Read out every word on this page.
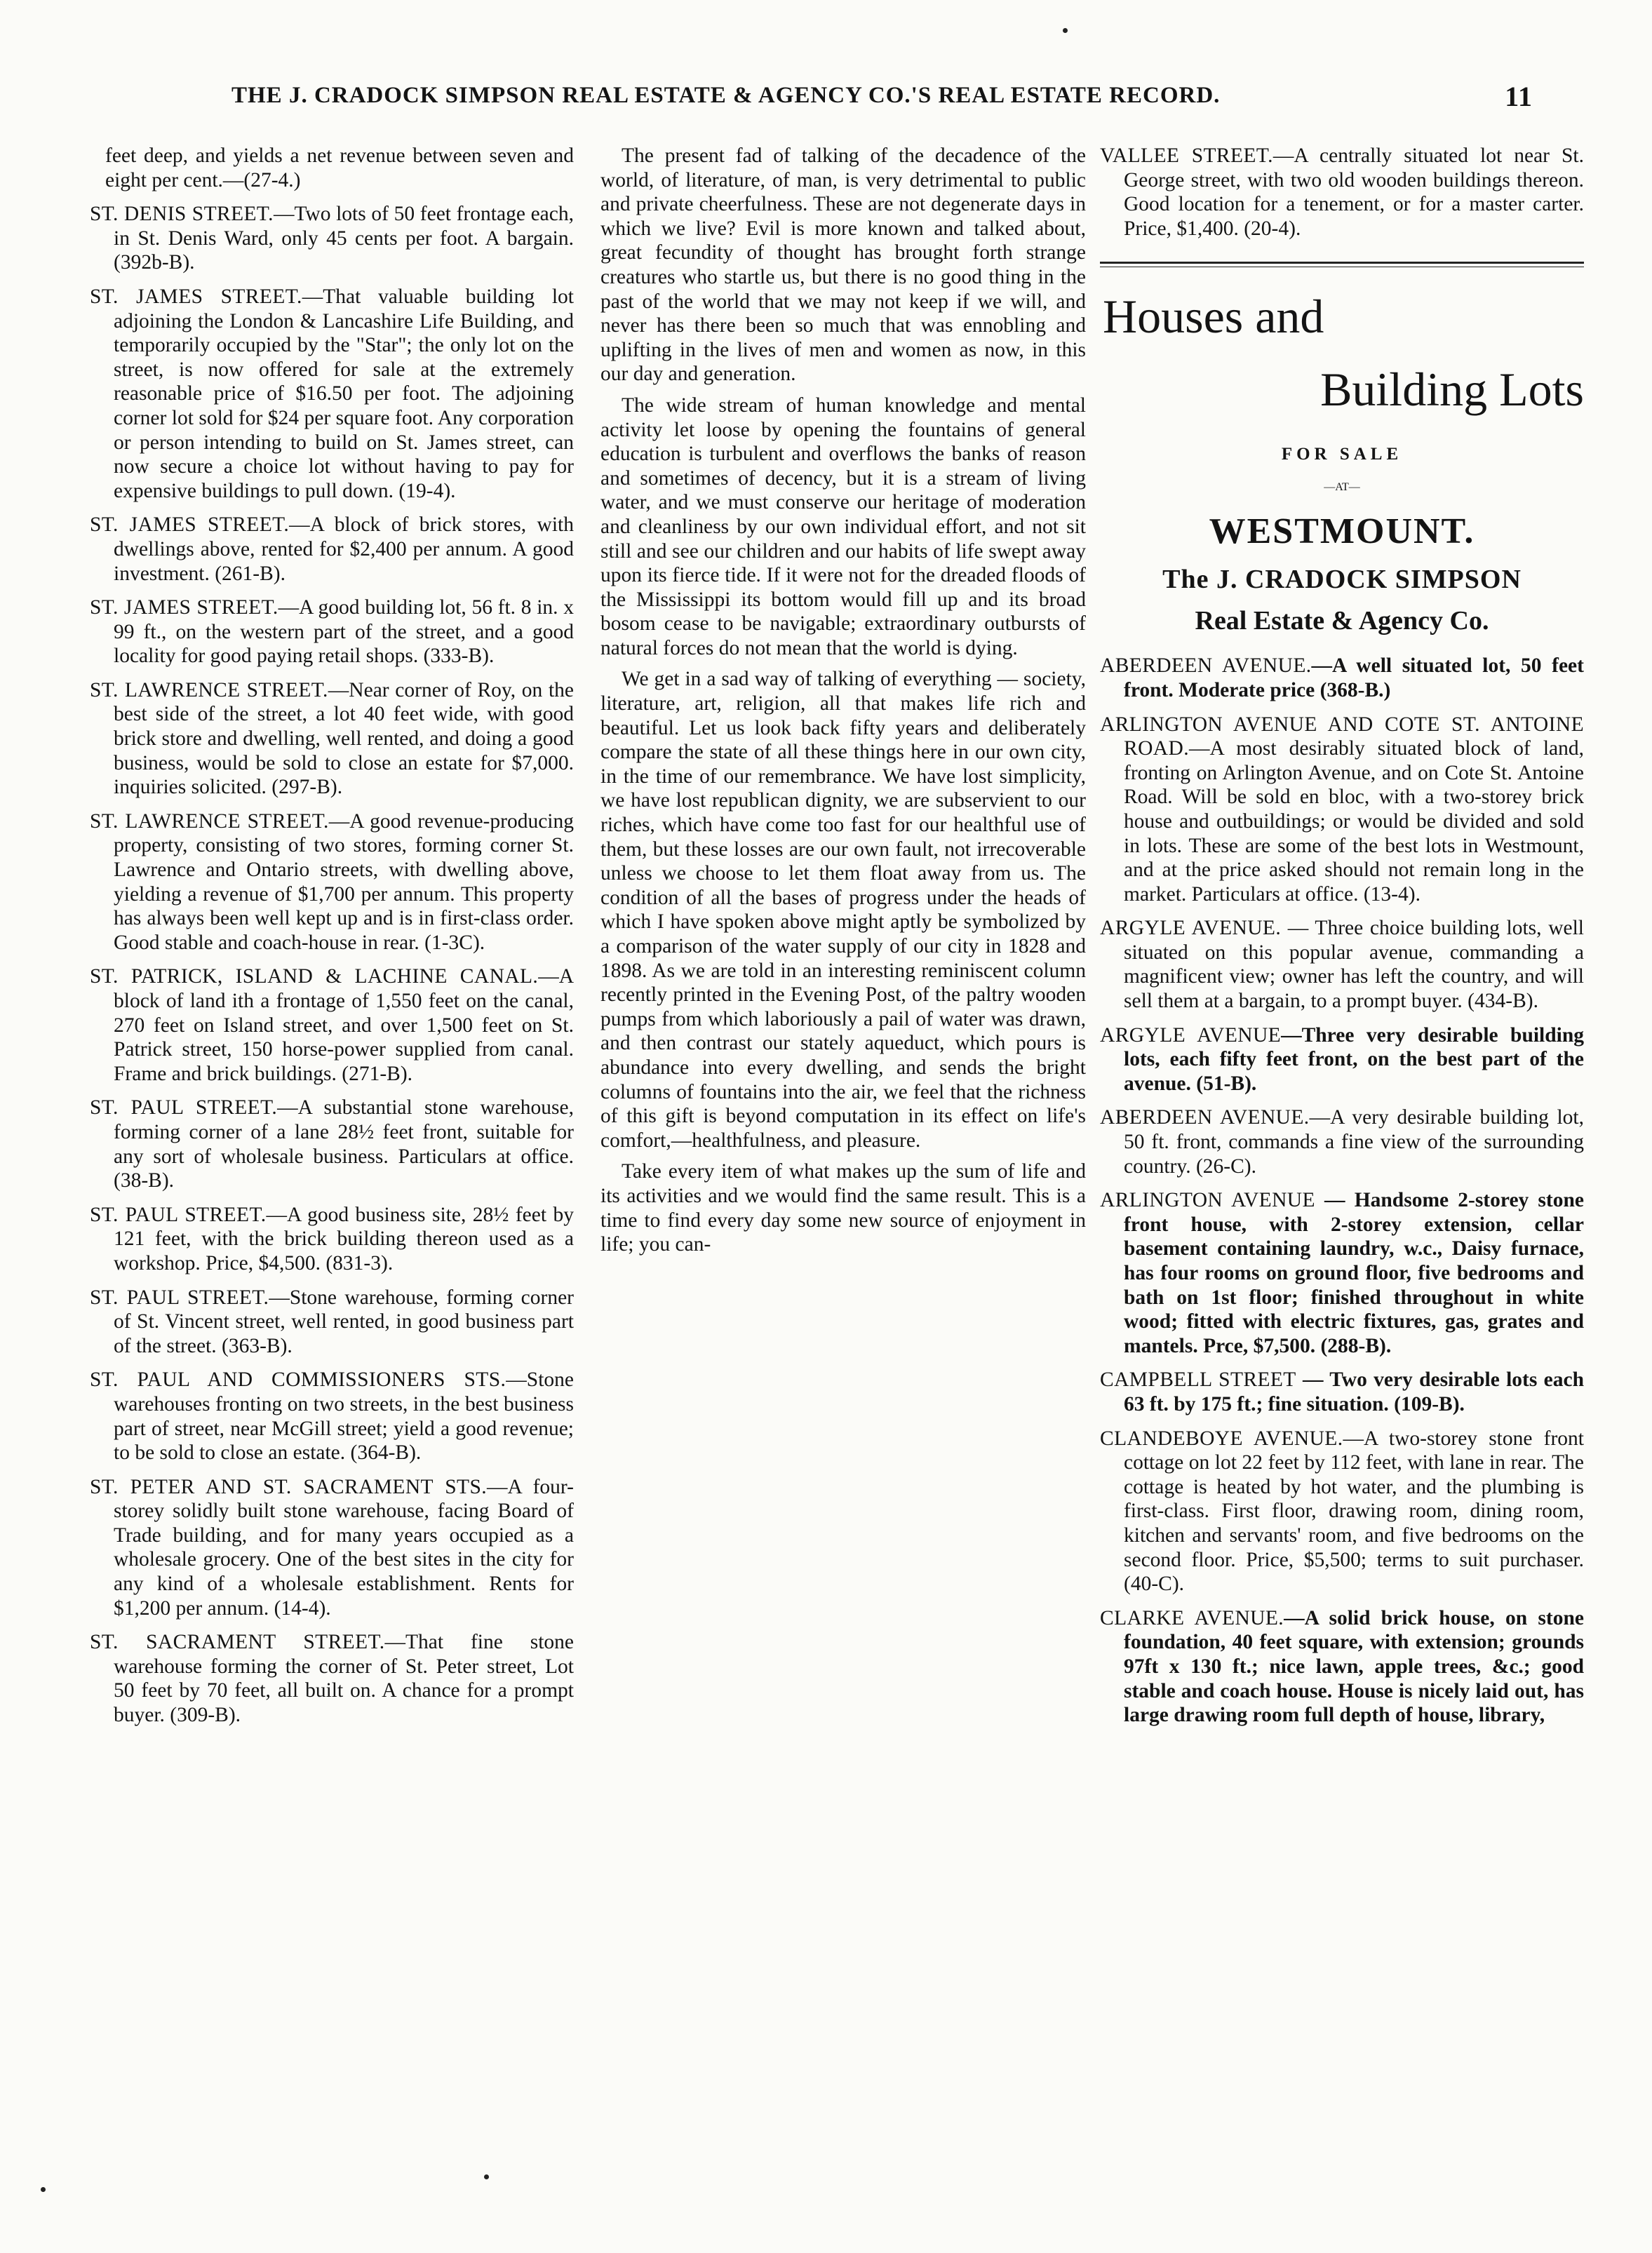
THE J. CRADOCK SIMPSON REAL ESTATE & AGENCY CO.'S REAL ESTATE RECORD.	11

feet deep, and yields a net revenue between seven and eight per cent.—(27-4.)

ST. DENIS STREET.—Two lots of 50 feet frontage each, in St. Denis Ward, only 45 cents per foot. A bargain. (392b-B).

ST. JAMES STREET.—That valuable building lot adjoining the London & Lancashire Life Building, and temporarily occupied by the "Star"; the only lot on the street, is now offered for sale at the extremely reasonable price of $16.50 per foot. The adjoining corner lot sold for $24 per square foot. Any corporation or person intending to build on St. James street, can now secure a choice lot without having to pay for expensive buildings to pull down. (19-4).

ST. JAMES STREET.—A block of brick stores, with dwellings above, rented for $2,400 per annum. A good investment. (261-B).

ST. JAMES STREET.—A good building lot, 56 ft. 8 in. x 99 ft., on the western part of the street, and a good locality for good paying retail shops. (333-B).

ST. LAWRENCE STREET.—Near corner of Roy, on the best side of the street, a lot 40 feet wide, with good brick store and dwelling, well rented, and doing a good business, would be sold to close an estate for $7,000. inquiries solicited. (297-B).

ST. LAWRENCE STREET.—A good revenue-producing property, consisting of two stores, forming corner St. Lawrence and Ontario streets, with dwelling above, yielding a revenue of $1,700 per annum. This property has always been well kept up and is in first-class order. Good stable and coach-house in rear. (1-3C).

ST. PATRICK, ISLAND & LACHINE CANAL.—A block of land ith a frontage of 1,550 feet on the canal, 270 feet on Island street, and over 1,500 feet on St. Patrick street, 150 horse-power supplied from canal. Frame and brick buildings. (271-B).

ST. PAUL STREET.—A substantial stone warehouse, forming corner of a lane 28½ feet front, suitable for any sort of wholesale business. Particulars at office. (38-B).

ST. PAUL STREET.—A good business site, 28½ feet by 121 feet, with the brick building thereon used as a workshop. Price, $4,500. (831-3).

ST. PAUL STREET.—Stone warehouse, forming corner of St. Vincent street, well rented, in good business part of the street. (363-B).

ST. PAUL AND COMMISSIONERS STS.—Stone warehouses fronting on two streets, in the best business part of street, near McGill street; yield a good revenue; to be sold to close an estate. (364-B).

ST. PETER AND ST. SACRAMENT STS.—A four-storey solidly built stone warehouse, facing Board of Trade building, and for many years occupied as a wholesale grocery. One of the best sites in the city for any kind of a wholesale establishment. Rents for $1,200 per annum. (14-4).

ST. SACRAMENT STREET.—That fine stone warehouse forming the corner of St. Peter street, Lot 50 feet by 70 feet, all built on. A chance for a prompt buyer. (309-B).

The present fad of talking of the decadence of the world, of literature, of man, is very detrimental to public and private cheerfulness. These are not degenerate days in which we live? Evil is more known and talked about, great fecundity of thought has brought forth strange creatures who startle us, but there is no good thing in the past of the world that we may not keep if we will, and never has there been so much that was ennobling and uplifting in the lives of men and women as now, in this our day and generation.

The wide stream of human knowledge and mental activity let loose by opening the fountains of general education is turbulent and overflows the banks of reason and sometimes of decency, but it is a stream of living water, and we must conserve our heritage of moderation and cleanliness by our own individual effort, and not sit still and see our children and our habits of life swept away upon its fierce tide. If it were not for the dreaded floods of the Mississippi its bottom would fill up and its broad bosom cease to be navigable; extraordinary outbursts of natural forces do not mean that the world is dying.

We get in a sad way of talking of everything — society, literature, art, religion, all that makes life rich and beautiful. Let us look back fifty years and deliberately compare the state of all these things here in our own city, in the time of our remembrance. We have lost simplicity, we have lost republican dignity, we are subservient to our riches, which have come too fast for our healthful use of them, but these losses are our own fault, not irrecoverable unless we choose to let them float away from us. The condition of all the bases of progress under the heads of which I have spoken above might aptly be symbolized by a comparison of the water supply of our city in 1828 and 1898. As we are told in an interesting reminiscent column recently printed in the Evening Post, of the paltry wooden pumps from which laboriously a pail of water was drawn, and then contrast our stately aqueduct, which pours is abundance into every dwelling, and sends the bright columns of fountains into the air, we feel that the richness of this gift is beyond computation in its effect on life's comfort,—healthfulness, and pleasure.

Take every item of what makes up the sum of life and its activities and we would find the same result. This is a time to find every day some new source of enjoyment in life; you can-

VALLEE STREET.—A centrally situated lot near St. George street, with two old wooden buildings thereon. Good location for a tenement, or for a master carter. Price, $1,400. (20-4).

Houses and
Building Lots
FOR SALE
—AT—
WESTMOUNT.
The J. CRADOCK SIMPSON
Real Estate & Agency Co.

ABERDEEN AVENUE.—A well situated lot, 50 feet front. Moderate price (368-B.)

ARLINGTON AVENUE AND COTE ST. ANTOINE ROAD.—A most desirably situated block of land, fronting on Arlington Avenue, and on Cote St. Antoine Road. Will be sold en bloc, with a two-storey brick house and outbuildings; or would be divided and sold in lots. These are some of the best lots in Westmount, and at the price asked should not remain long in the market. Particulars at office. (13-4).

ARGYLE AVENUE. — Three choice building lots, well situated on this popular avenue, commanding a magnificent view; owner has left the country, and will sell them at a bargain, to a prompt buyer. (434-B).

ARGYLE AVENUE—Three very desirable building lots, each fifty feet front, on the best part of the avenue. (51-B).

ABERDEEN AVENUE.—A very desirable building lot, 50 ft. front, commands a fine view of the surrounding country. (26-C).

ARLINGTON AVENUE — Handsome 2-storey stone front house, with 2-storey extension, cellar basement containing laundry, w.c., Daisy furnace, has four rooms on ground floor, five bedrooms and bath on 1st floor; finished throughout in white wood; fitted with electric fixtures, gas, grates and mantels. Prce, $7,500. (288-B).

CAMPBELL STREET — Two very desirable lots each 63 ft. by 175 ft.; fine situation. (109-B).

CLANDEBOYE AVENUE.—A two-storey stone front cottage on lot 22 feet by 112 feet, with lane in rear. The cottage is heated by hot water, and the plumbing is first-class. First floor, drawing room, dining room, kitchen and servants' room, and five bedrooms on the second floor. Price, $5,500; terms to suit purchaser. (40-C).

CLARKE AVENUE.—A solid brick house, on stone foundation, 40 feet square, with extension; grounds 97ft x 130 ft.; nice lawn, apple trees, &c.; good stable and coach house. House is nicely laid out, has large drawing room full depth of house, library,
